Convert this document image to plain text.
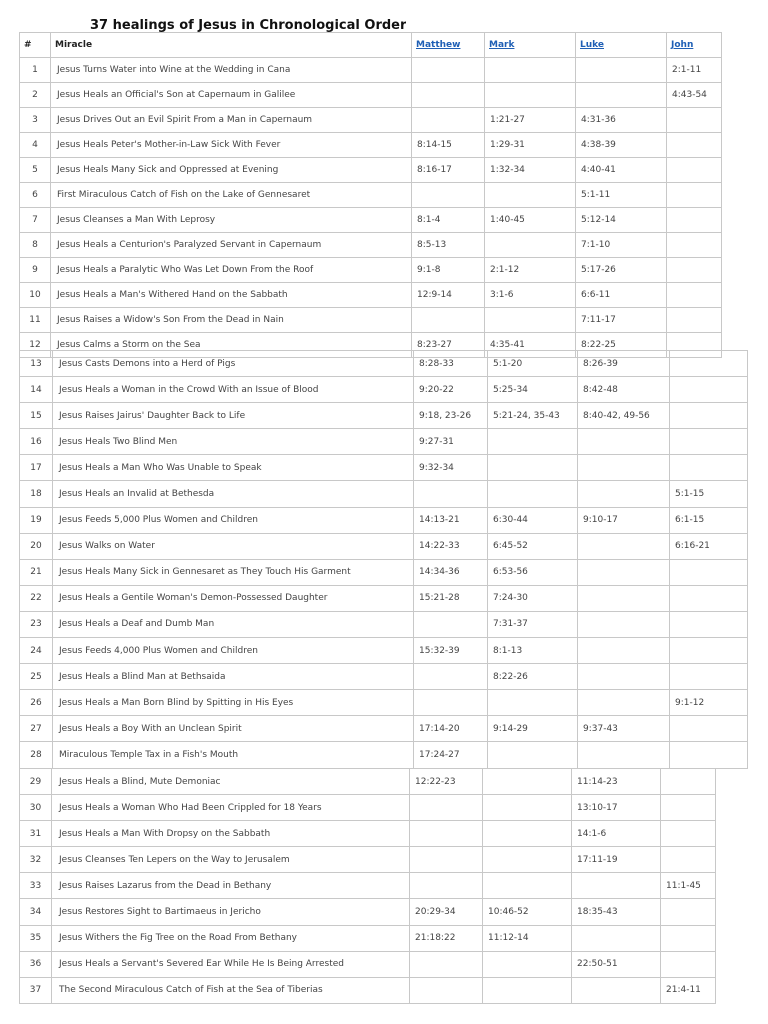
37 healings of Jesus in Chronological Order
#	Miracle	Matthew	Mark	Luke	John
1	Jesus Turns Water into Wine at the Wedding in Cana				2:1-11
2	Jesus Heals an Official's Son at Capernaum in Galilee				4:43-54
3	Jesus Drives Out an Evil Spirit From a Man in Capernaum		1:21-27	4:31-36	
4	Jesus Heals Peter's Mother-in-Law Sick With Fever	8:14-15	1:29-31	4:38-39	
5	Jesus Heals Many Sick and Oppressed at Evening	8:16-17	1:32-34	4:40-41	
6	First Miraculous Catch of Fish on the Lake of Gennesaret			5:1-11	
7	Jesus Cleanses a Man With Leprosy	8:1-4	1:40-45	5:12-14	
8	Jesus Heals a Centurion's Paralyzed Servant in Capernaum	8:5-13		7:1-10	
9	Jesus Heals a Paralytic Who Was Let Down From the Roof	9:1-8	2:1-12	5:17-26	
10	Jesus Heals a Man's Withered Hand on the Sabbath	12:9-14	3:1-6	6:6-11	
11	Jesus Raises a Widow's Son From the Dead in Nain			7:11-17	
12	Jesus Calms a Storm on the Sea	8:23-27	4:35-41	8:22-25	
13	Jesus Casts Demons into a Herd of Pigs	8:28-33	5:1-20	8:26-39	
14	Jesus Heals a Woman in the Crowd With an Issue of Blood	9:20-22	5:25-34	8:42-48	
15	Jesus Raises Jairus' Daughter Back to Life	9:18, 23-26	5:21-24, 35-43	8:40-42, 49-56	
16	Jesus Heals Two Blind Men	9:27-31			
17	Jesus Heals a Man Who Was Unable to Speak	9:32-34			
18	Jesus Heals an Invalid at Bethesda				5:1-15
19	Jesus Feeds 5,000 Plus Women and Children	14:13-21	6:30-44	9:10-17	6:1-15
20	Jesus Walks on Water	14:22-33	6:45-52		6:16-21
21	Jesus Heals Many Sick in Gennesaret as They Touch His Garment	14:34-36	6:53-56		
22	Jesus Heals a Gentile Woman's Demon-Possessed Daughter	15:21-28	7:24-30		
23	Jesus Heals a Deaf and Dumb Man		7:31-37		
24	Jesus Feeds 4,000 Plus Women and Children	15:32-39	8:1-13		
25	Jesus Heals a Blind Man at Bethsaida		8:22-26		
26	Jesus Heals a Man Born Blind by Spitting in His Eyes				9:1-12
27	Jesus Heals a Boy With an Unclean Spirit	17:14-20	9:14-29	9:37-43	
28	Miraculous Temple Tax in a Fish's Mouth	17:24-27			
29	Jesus Heals a Blind, Mute Demoniac	12:22-23		11:14-23	
30	Jesus Heals a Woman Who Had Been Crippled for 18 Years			13:10-17	
31	Jesus Heals a Man With Dropsy on the Sabbath			14:1-6	
32	Jesus Cleanses Ten Lepers on the Way to Jerusalem			17:11-19	
33	Jesus Raises Lazarus from the Dead in Bethany				11:1-45
34	Jesus Restores Sight to Bartimaeus in Jericho	20:29-34	10:46-52	18:35-43	
35	Jesus Withers the Fig Tree on the Road From Bethany	21:18:22	11:12-14		
36	Jesus Heals a Servant's Severed Ear While He Is Being Arrested			22:50-51	
37	The Second Miraculous Catch of Fish at the Sea of Tiberias				21:4-11
